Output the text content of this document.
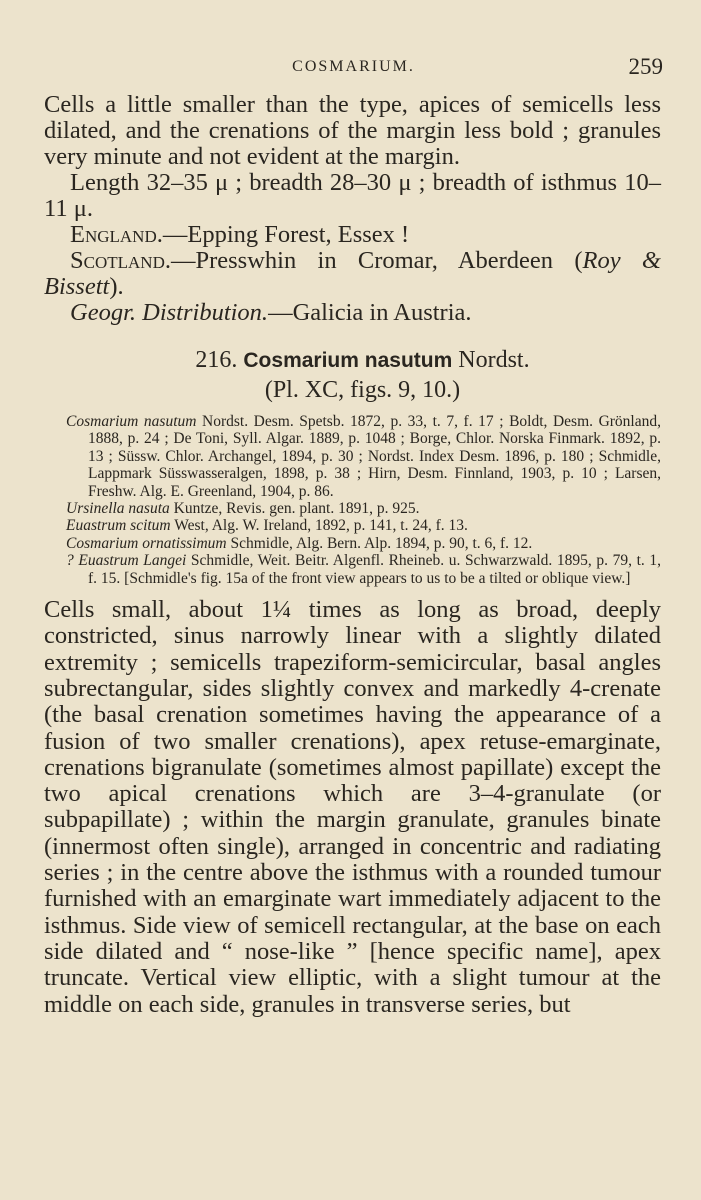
COSMARIUM.	259

Cells a little smaller than the type, apices of semicells less dilated, and the crenations of the margin less bold ; granules very minute and not evident at the margin.

Length 32–35 μ ; breadth 28–30 μ ; breadth of isthmus 10–11 μ.

England.—Epping Forest, Essex !

Scotland.—Presswhin in Cromar, Aberdeen (Roy & Bissett).

Geogr. Distribution.—Galicia in Austria.

216. Cosmarium nasutum Nordst.
(Pl. XC, figs. 9, 10.)

Cosmarium nasutum Nordst. Desm. Spetsb. 1872, p. 33, t. 7, f. 17 ; Boldt, Desm. Grönland, 1888, p. 24 ; De Toni, Syll. Algar. 1889, p. 1048 ; Borge, Chlor. Norska Finmark. 1892, p. 13 ; Süssw. Chlor. Archangel, 1894, p. 30 ; Nordst. Index Desm. 1896, p. 180 ; Schmidle, Lappmark Süsswasseralgen, 1898, p. 38 ; Hirn, Desm. Finnland, 1903, p. 10 ; Larsen, Freshw. Alg. E. Greenland, 1904, p. 86.

Ursinella nasuta Kuntze, Revis. gen. plant. 1891, p. 925.

Euastrum scitum West, Alg. W. Ireland, 1892, p. 141, t. 24, f. 13.

Cosmarium ornatissimum Schmidle, Alg. Bern. Alp. 1894, p. 90, t. 6, f. 12.

? Euastrum Langei Schmidle, Weit. Beitr. Algenfl. Rheineb. u. Schwarzwald. 1895, p. 79, t. 1, f. 15. [Schmidle's fig. 15a of the front view appears to us to be a tilted or oblique view.]

Cells small, about 1¼ times as long as broad, deeply constricted, sinus narrowly linear with a slightly dilated extremity ; semicells trapeziform-semicircular, basal angles subrectangular, sides slightly convex and markedly 4-crenate (the basal crenation sometimes having the appearance of a fusion of two smaller crenations), apex retuse-emarginate, crenations bigranulate (sometimes almost papillate) except the two apical crenations which are 3–4-granulate (or subpapillate) ; within the margin granulate, granules binate (innermost often single), arranged in concentric and radiating series ; in the centre above the isthmus with a rounded tumour furnished with an emarginate wart immediately adjacent to the isthmus. Side view of semicell rectangular, at the base on each side dilated and “ nose-like ” [hence specific name], apex truncate. Vertical view elliptic, with a slight tumour at the middle on each side, granules in transverse series, but
